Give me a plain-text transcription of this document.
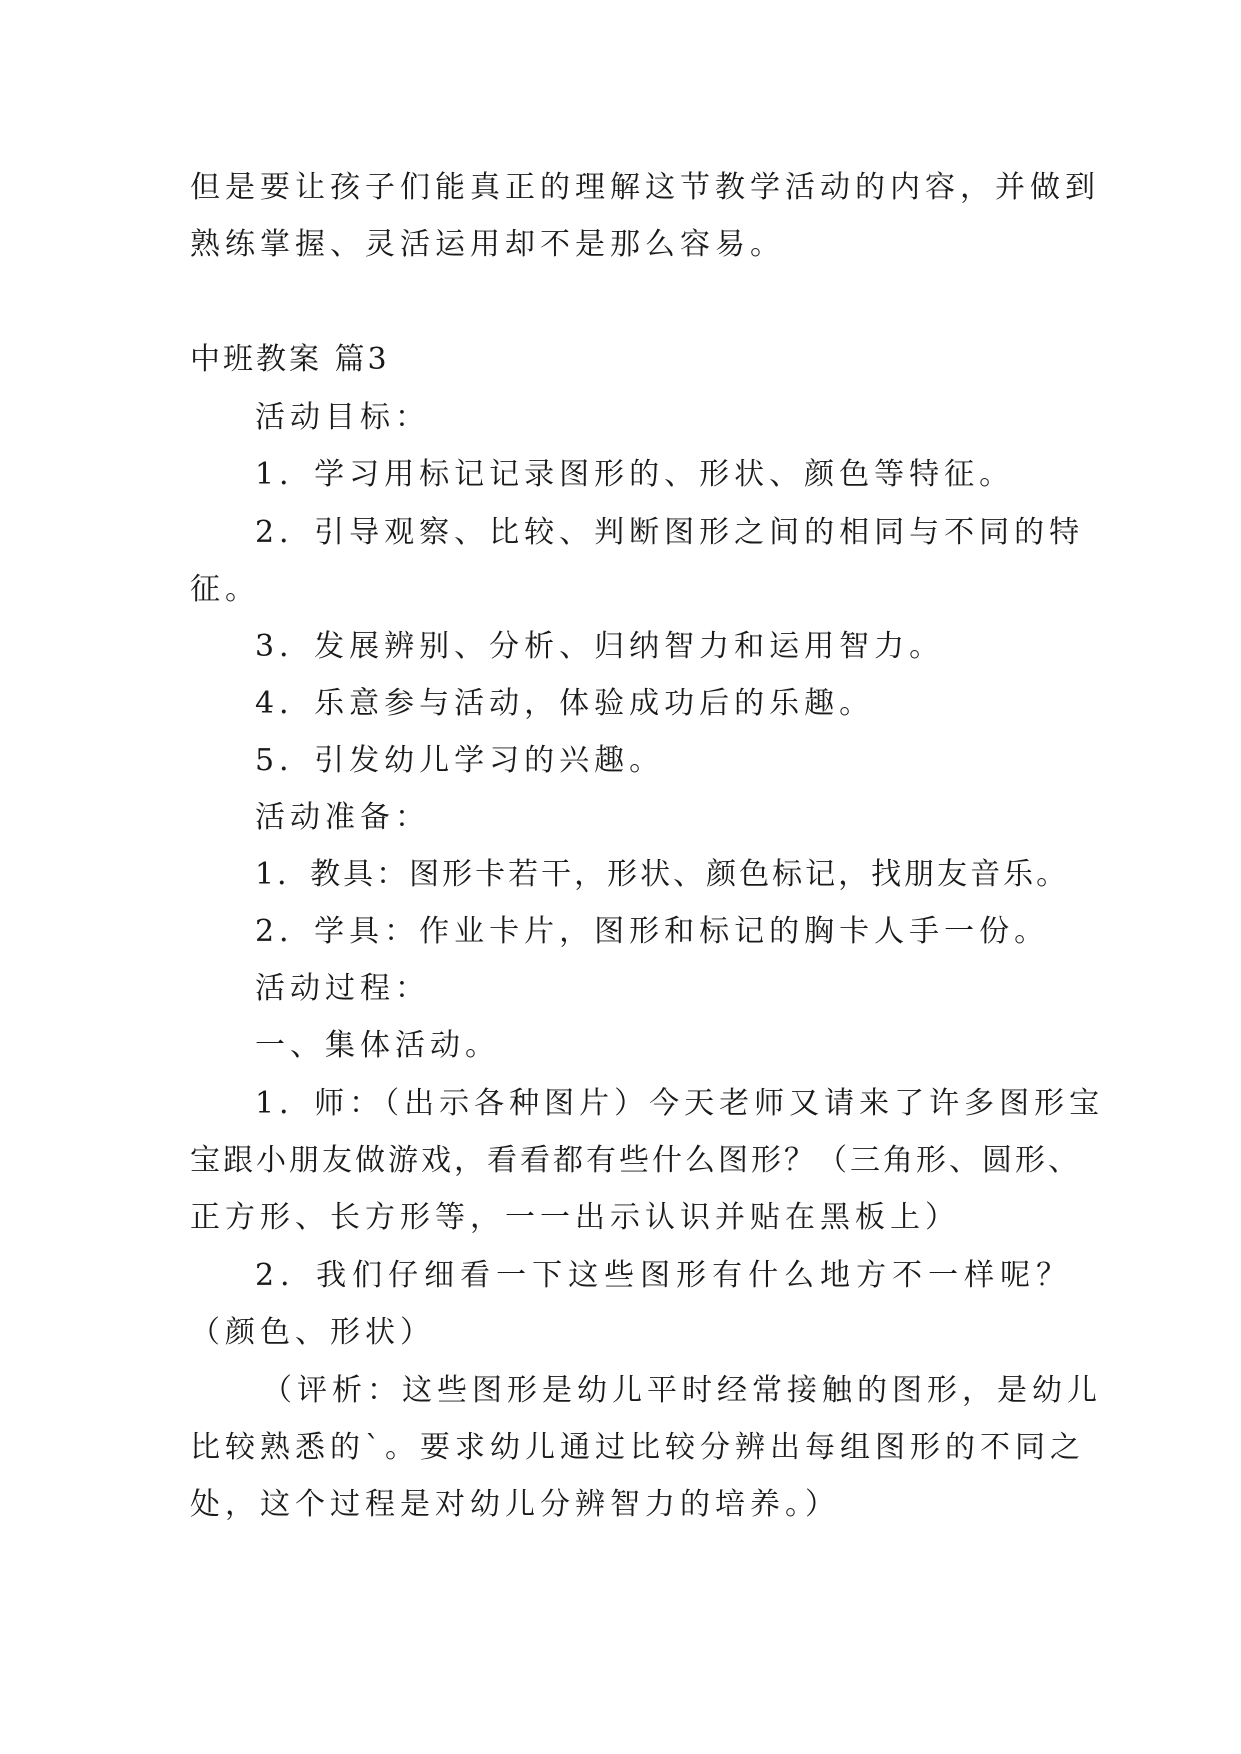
但是要让孩子们能真正的理解这节教学活动的内容，并做到
熟练掌握、灵活运用却不是那么容易。
中班教案 篇3
活动目标：
1．学习用标记记录图形的、形状、颜色等特征。
2．引导观察、比较、判断图形之间的相同与不同的特
征。
3．发展辨别、分析、归纳智力和运用智力。
4．乐意参与活动，体验成功后的乐趣。
5．引发幼儿学习的兴趣。
活动准备：
1．教具：图形卡若干，形状、颜色标记，找朋友音乐。
2．学具：作业卡片，图形和标记的胸卡人手一份。
活动过程：
一、集体活动。
1．师：（出示各种图片）今天老师又请来了许多图形宝
宝跟小朋友做游戏，看看都有些什么图形？（三角形、圆形、
正方形、长方形等，一一出示认识并贴在黑板上）
2．我们仔细看一下这些图形有什么地方不一样呢？
（颜色、形状）
（评析：这些图形是幼儿平时经常接触的图形，是幼儿
比较熟悉的`。要求幼儿通过比较分辨出每组图形的不同之
处，这个过程是对幼儿分辨智力的培养。）
